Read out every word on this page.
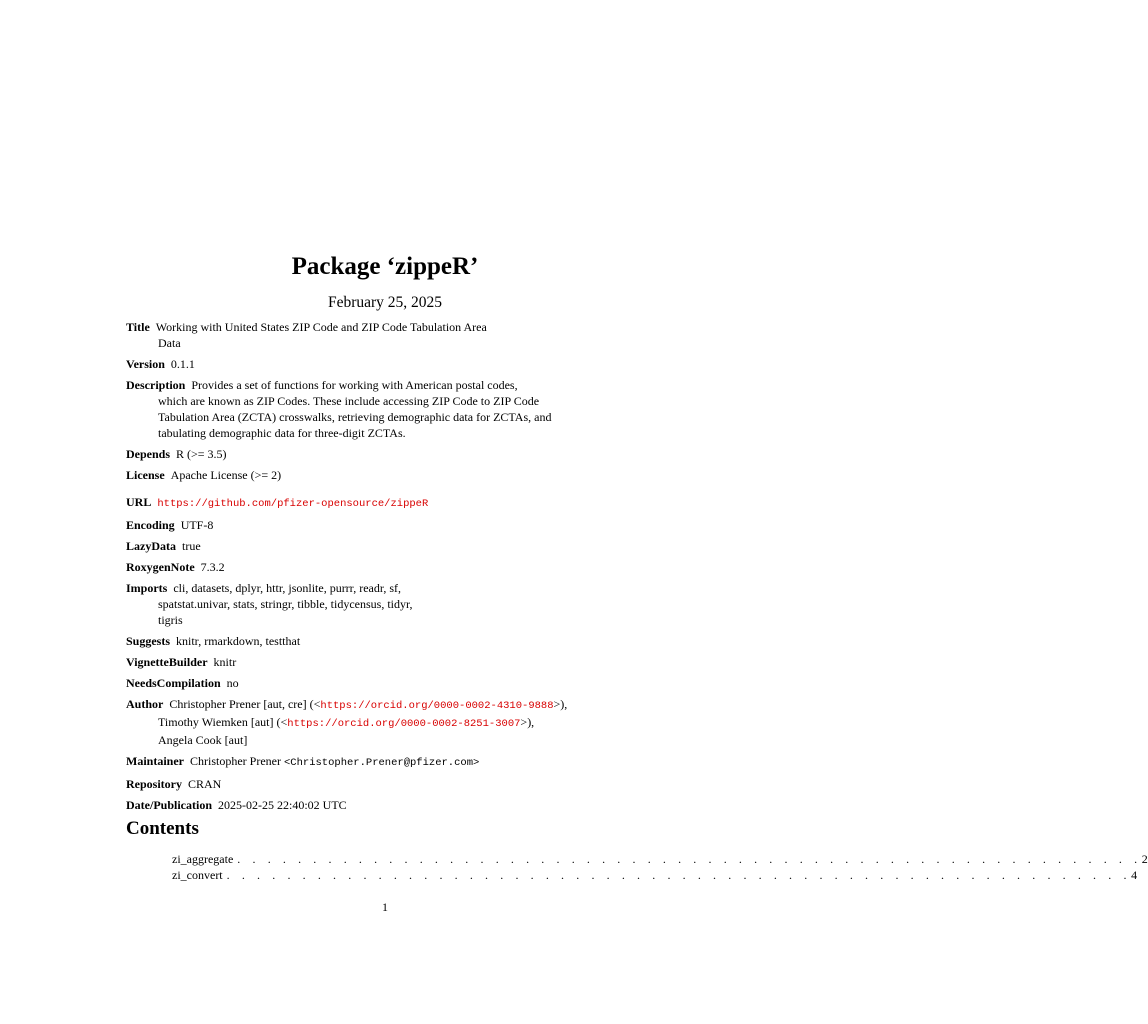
Package ‘zippeR’
February 25, 2025
Title Working with United States ZIP Code and ZIP Code Tabulation Area
Data
Version 0.1.1
Description Provides a set of functions for working with American postal codes,
which are known as ZIP Codes. These include accessing ZIP Code to ZIP Code
Tabulation Area (ZCTA) crosswalks, retrieving demographic data for ZCTAs, and
tabulating demographic data for three-digit ZCTAs.
Depends R (>= 3.5)
License Apache License (>= 2)
URL https://github.com/pfizer-opensource/zippeR
Encoding UTF-8
LazyData true
RoxygenNote 7.3.2
Imports cli, datasets, dplyr, httr, jsonlite, purrr, readr, sf,
spatstat.univar, stats, stringr, tibble, tidycensus, tidyr,
tigris
Suggests knitr, rmarkdown, testthat
VignetteBuilder knitr
NeedsCompilation no
Author Christopher Prener [aut, cre] (<https://orcid.org/0000-0002-4310-9888>),
Timothy Wiemken [aut] (<https://orcid.org/0000-0002-8251-3007>),
Angela Cook [aut]
Maintainer Christopher Prener <Christopher.Prener@pfizer.com>
Repository CRAN
Date/Publication 2025-02-25 22:40:02 UTC
Contents
zi_aggregate . . . . . . . . . . . . . . . . . . . . . . . . . . . . . . . . . . . . . . . . . . . . . . . . . . . . . . . . . . . . 2
zi_convert . . . . . . . . . . . . . . . . . . . . . . . . . . . . . . . . . . . . . . . . . . . . . . . . . . . . . . . . . . . . 4
1
